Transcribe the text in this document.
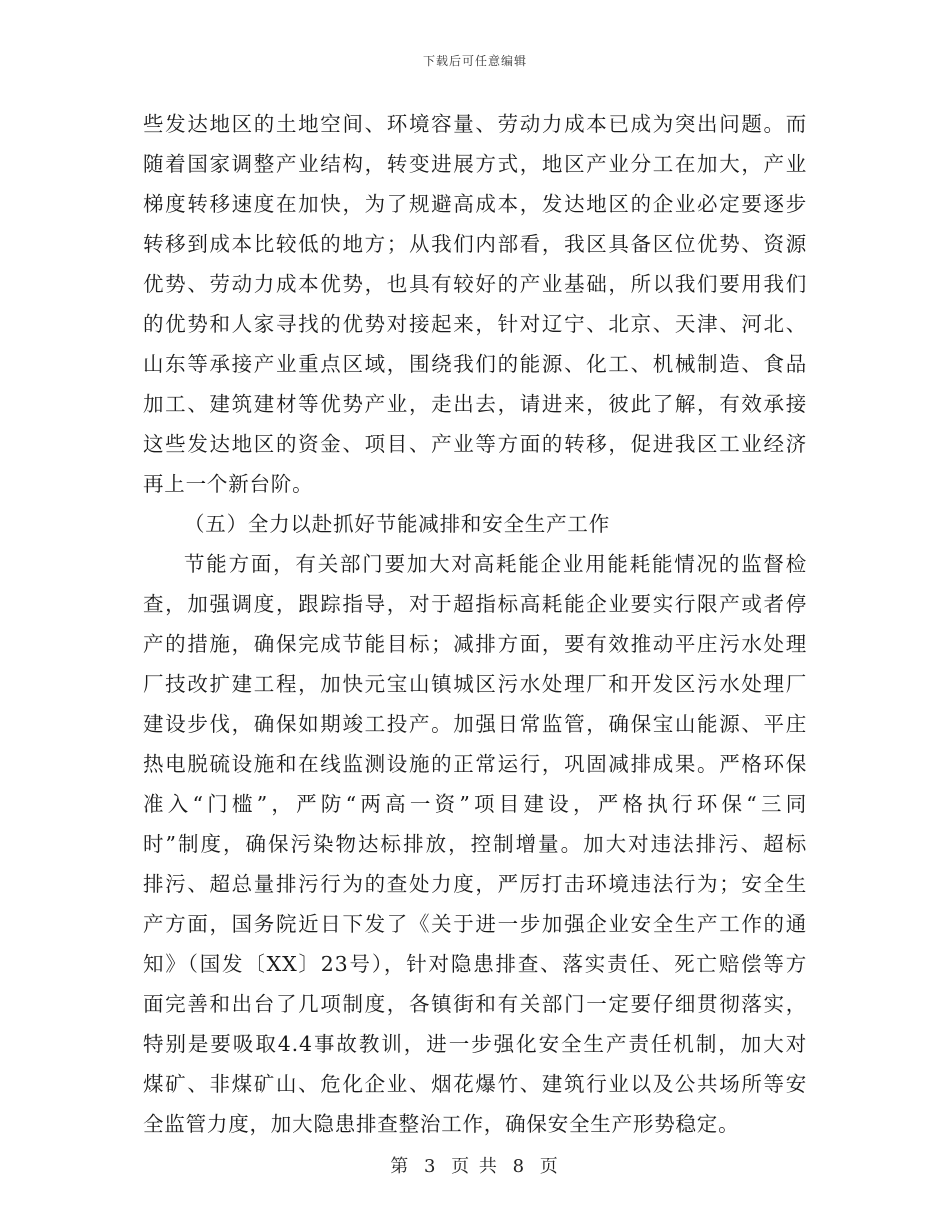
下载后可任意编辑
些发达地区的土地空间、环境容量、劳动力成本已成为突出问题。而
随着国家调整产业结构，转变进展方式，地区产业分工在加大，产业
梯度转移速度在加快，为了规避高成本，发达地区的企业必定要逐步
转移到成本比较低的地方；从我们内部看，我区具备区位优势、资源
优势、劳动力成本优势，也具有较好的产业基础，所以我们要用我们
的优势和人家寻找的优势对接起来，针对辽宁、北京、天津、河北、
山东等承接产业重点区域，围绕我们的能源、化工、机械制造、食品
加工、建筑建材等优势产业，走出去，请进来，彼此了解，有效承接
这些发达地区的资金、项目、产业等方面的转移，促进我区工业经济
再上一个新台阶。
（五）全力以赴抓好节能减排和安全生产工作
节能方面，有关部门要加大对高耗能企业用能耗能情况的监督检
查，加强调度，跟踪指导，对于超指标高耗能企业要实行限产或者停
产的措施，确保完成节能目标；减排方面，要有效推动平庄污水处理
厂技改扩建工程，加快元宝山镇城区污水处理厂和开发区污水处理厂
建设步伐，确保如期竣工投产。加强日常监管，确保宝山能源、平庄
热电脱硫设施和在线监测设施的正常运行，巩固减排成果。严格环保
准入“门槛”，严防“两高一资”项目建设，严格执行环保“三同
时”制度，确保污染物达标排放，控制增量。加大对违法排污、超标
排污、超总量排污行为的查处力度，严厉打击环境违法行为；安全生
产方面，国务院近日下发了《关于进一步加强企业安全生产工作的通
知》（国发〔XX〕23号），针对隐患排查、落实责任、死亡赔偿等方
面完善和出台了几项制度，各镇街和有关部门一定要仔细贯彻落实，
特别是要吸取4.4事故教训，进一步强化安全生产责任机制，加大对
煤矿、非煤矿山、危化企业、烟花爆竹、建筑行业以及公共场所等安
全监管力度，加大隐患排查整治工作，确保安全生产形势稳定。
第 3 页 共 8 页
